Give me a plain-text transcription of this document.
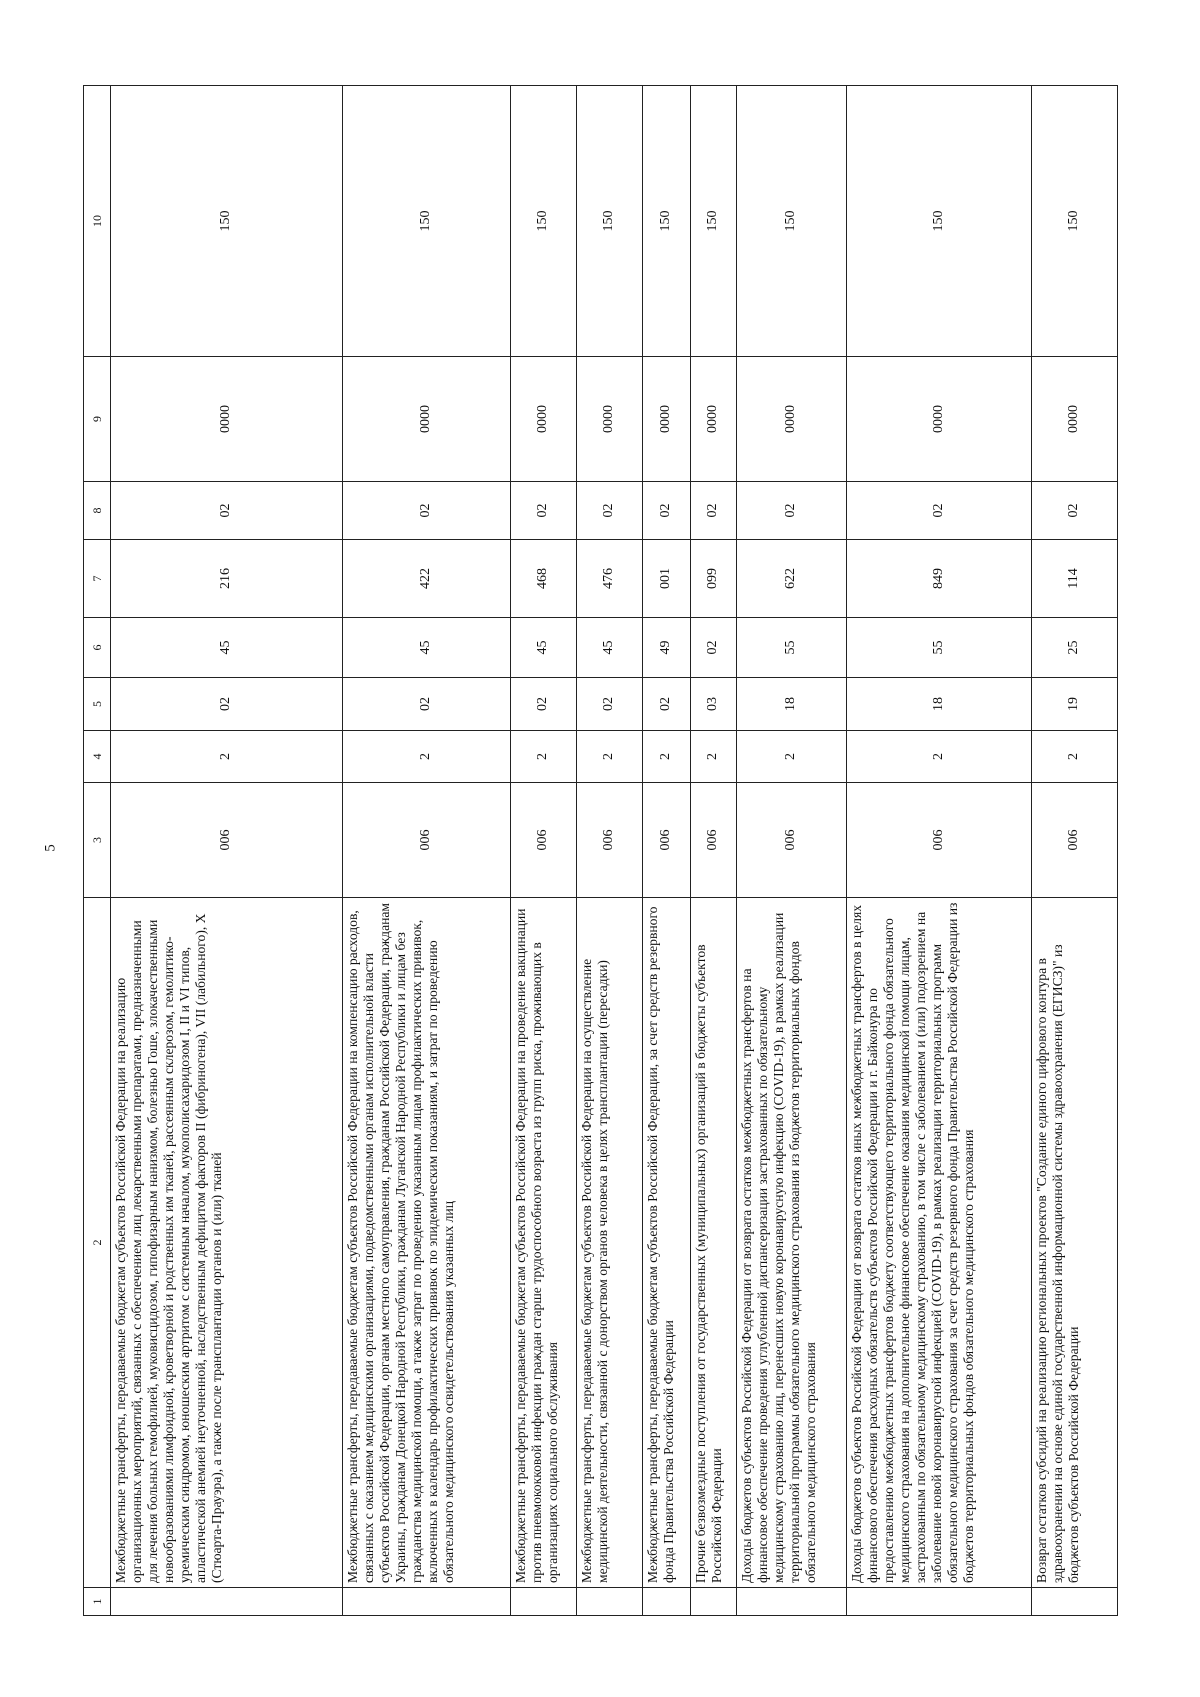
5
1	2	3	4	5	6	7	8	9	10
	Межбюджетные трансферты, передаваемые бюджетам субъектов Российской Федерации на реализацию организационных мероприятий, связанных с обеспечением лиц лекарственными препаратами, предназначенными для лечения больных гемофилией, муковисцидозом, гипофизарным нанизмом, болезнью Гоше, злокачественными новообразованиями лимфоидной, кроветворной и родственных им тканей, рассеянным склерозом, гемолитико-уремическим синдромом, юношеским артритом с системным началом, мукополисахаридозом I, II и VI типов, апластической анемией неуточненной, наследственным дефицитом факторов II (фибриногена), VII (лабильного), X (Стюарта-Прауэра), а также после трансплантации органов и (или) тканей	006	2	02	45	216	02	0000	150
	Межбюджетные трансферты, передаваемые бюджетам субъектов Российской Федерации на компенсацию расходов, связанных с оказанием медицинскими организациями, подведомственными органам исполнительной власти субъектов Российской Федерации, органам местного самоуправления, гражданам Российской Федерации, гражданам Украины, гражданам Донецкой Народной Республики, гражданам Луганской Народной Республики и лицам без гражданства медицинской помощи, а также затрат по проведению указанным лицам профилактических прививок, включенных в календарь профилактических прививок по эпидемическим показаниям, и затрат по проведению обязательного медицинского освидетельствования указанных лиц	006	2	02	45	422	02	0000	150
	Межбюджетные трансферты, передаваемые бюджетам субъектов Российской Федерации на проведение вакцинации против пневмококковой инфекции граждан старше трудоспособного возраста из групп риска, проживающих в организациях социального обслуживания	006	2	02	45	468	02	0000	150
	Межбюджетные трансферты, передаваемые бюджетам субъектов Российской Федерации на осуществление медицинской деятельности, связанной с донорством органов человека в целях трансплантации (пересадки)	006	2	02	45	476	02	0000	150
	Межбюджетные трансферты, передаваемые бюджетам субъектов Российской Федерации, за счет средств резервного фонда Правительства Российской Федерации	006	2	02	49	001	02	0000	150
	Прочие безвозмездные поступления от государственных (муниципальных) организаций в бюджеты субъектов Российской Федерации	006	2	03	02	099	02	0000	150
	Доходы бюджетов субъектов Российской Федерации от возврата остатков межбюджетных трансфертов на финансовое обеспечение проведения углубленной диспансеризации застрахованных по обязательному медицинскому страхованию лиц, перенесших новую коронавирусную инфекцию (COVID-19), в рамках реализации территориальной программы обязательного медицинского страхования из бюджетов территориальных фондов обязательного медицинского страхования	006	2	18	55	622	02	0000	150
	Доходы бюджетов субъектов Российской Федерации от возврата остатков иных межбюджетных трансфертов в целях финансового обеспечения расходных обязательств субъектов Российской Федерации и г. Байконура по предоставлению межбюджетных трансфертов бюджету соответствующего территориального фонда обязательного медицинского страхования на дополнительное финансовое обеспечение оказания медицинской помощи лицам, застрахованным по обязательному медицинскому страхованию, в том числе с заболеванием и (или) подозрением на заболевание новой коронавирусной инфекцией (COVID-19), в рамках реализации территориальных программ обязательного медицинского страхования за счет средств резервного фонда Правительства Российской Федерации из бюджетов территориальных фондов обязательного медицинского страхования	006	2	18	55	849	02	0000	150
	Возврат остатков субсидий на реализацию региональных проектов "Создание единого цифрового контура в здравоохранении на основе единой государственной информационной системы здравоохранения (ЕГИСЗ)" из бюджетов субъектов Российской Федерации	006	2	19	25	114	02	0000	150
